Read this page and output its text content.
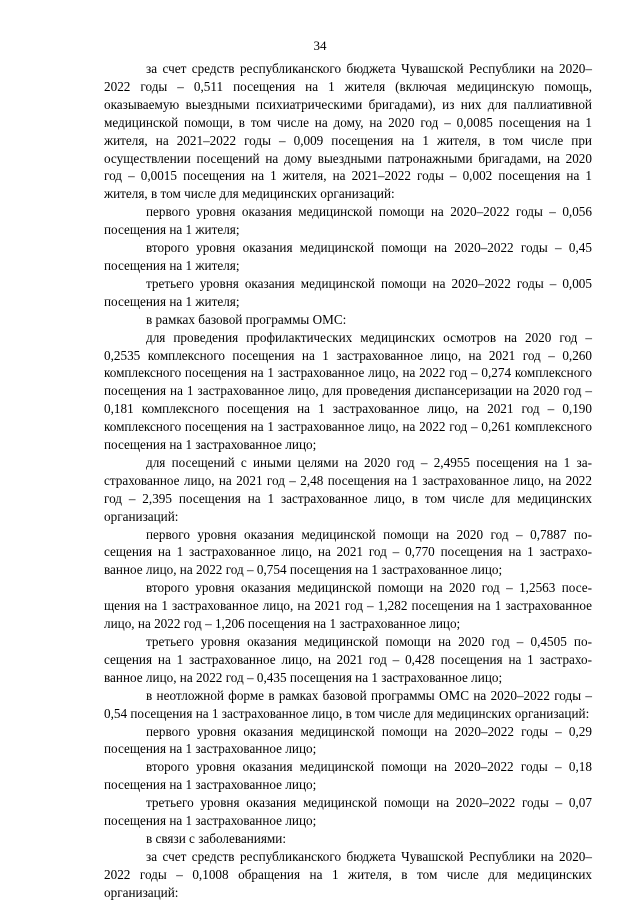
34

за счет средств республиканского бюджета Чувашской Республики на 2020–2022 годы – 0,511 посещения на 1 жителя (включая медицинскую помощь, оказываемую выездными психиатрическими бригадами), из них для паллиативной медицинской помощи, в том числе на дому, на 2020 год – 0,0085 посещения на 1 жителя, на 2021–2022 годы – 0,009 посещения на 1 жителя, в том числе при осуществлении посещений на дому выездными патронажными бригадами, на 2020 год – 0,0015 посещения на 1 жителя, на 2021–2022 годы – 0,002 посещения на 1 жителя, в том числе для медицинских организаций:

первого уровня оказания медицинской помощи на 2020–2022 годы – 0,056 посещения на 1 жителя;

второго уровня оказания медицинской помощи на 2020–2022 годы – 0,45 посещения на 1 жителя;

третьего уровня оказания медицинской помощи на 2020–2022 годы – 0,005 посещения на 1 жителя;

в рамках базовой программы ОМС:

для проведения профилактических медицинских осмотров на 2020 год – 0,2535 комплексного посещения на 1 застрахованное лицо, на 2021 год – 0,260 комплексного посещения на 1 застрахованное лицо, на 2022 год – 0,274 комплексного посещения на 1 застрахованное лицо, для проведения диспансеризации на 2020 год – 0,181 комплексного посещения на 1 застрахованное лицо, на 2021 год – 0,190 комплексного посещения на 1 застрахованное лицо, на 2022 год – 0,261 комплексного посещения на 1 застрахованное лицо;

для посещений с иными целями на 2020 год – 2,4955 посещения на 1 застрахованное лицо, на 2021 год – 2,48 посещения на 1 застрахованное лицо, на 2022 год – 2,395 посещения на 1 застрахованное лицо, в том числе для медицинских организаций:

первого уровня оказания медицинской помощи на 2020 год – 0,7887 посещения на 1 застрахованное лицо, на 2021 год – 0,770 посещения на 1 застрахованное лицо, на 2022 год – 0,754 посещения на 1 застрахованное лицо;

второго уровня оказания медицинской помощи на 2020 год – 1,2563 посещения на 1 застрахованное лицо, на 2021 год – 1,282 посещения на 1 застрахованное лицо, на 2022 год – 1,206 посещения на 1 застрахованное лицо;

третьего уровня оказания медицинской помощи на 2020 год – 0,4505 посещения на 1 застрахованное лицо, на 2021 год – 0,428 посещения на 1 застрахованное лицо, на 2022 год – 0,435 посещения на 1 застрахованное лицо;

в неотложной форме в рамках базовой программы ОМС на 2020–2022 годы – 0,54 посещения на 1 застрахованное лицо, в том числе для медицинских организаций:

первого уровня оказания медицинской помощи на 2020–2022 годы – 0,29 посещения на 1 застрахованное лицо;

второго уровня оказания медицинской помощи на 2020–2022 годы – 0,18 посещения на 1 застрахованное лицо;

третьего уровня оказания медицинской помощи на 2020–2022 годы – 0,07 посещения на 1 застрахованное лицо;

в связи с заболеваниями:

за счет средств республиканского бюджета Чувашской Республики на 2020–2022 годы – 0,1008 обращения на 1 жителя, в том числе для медицинских организаций:
